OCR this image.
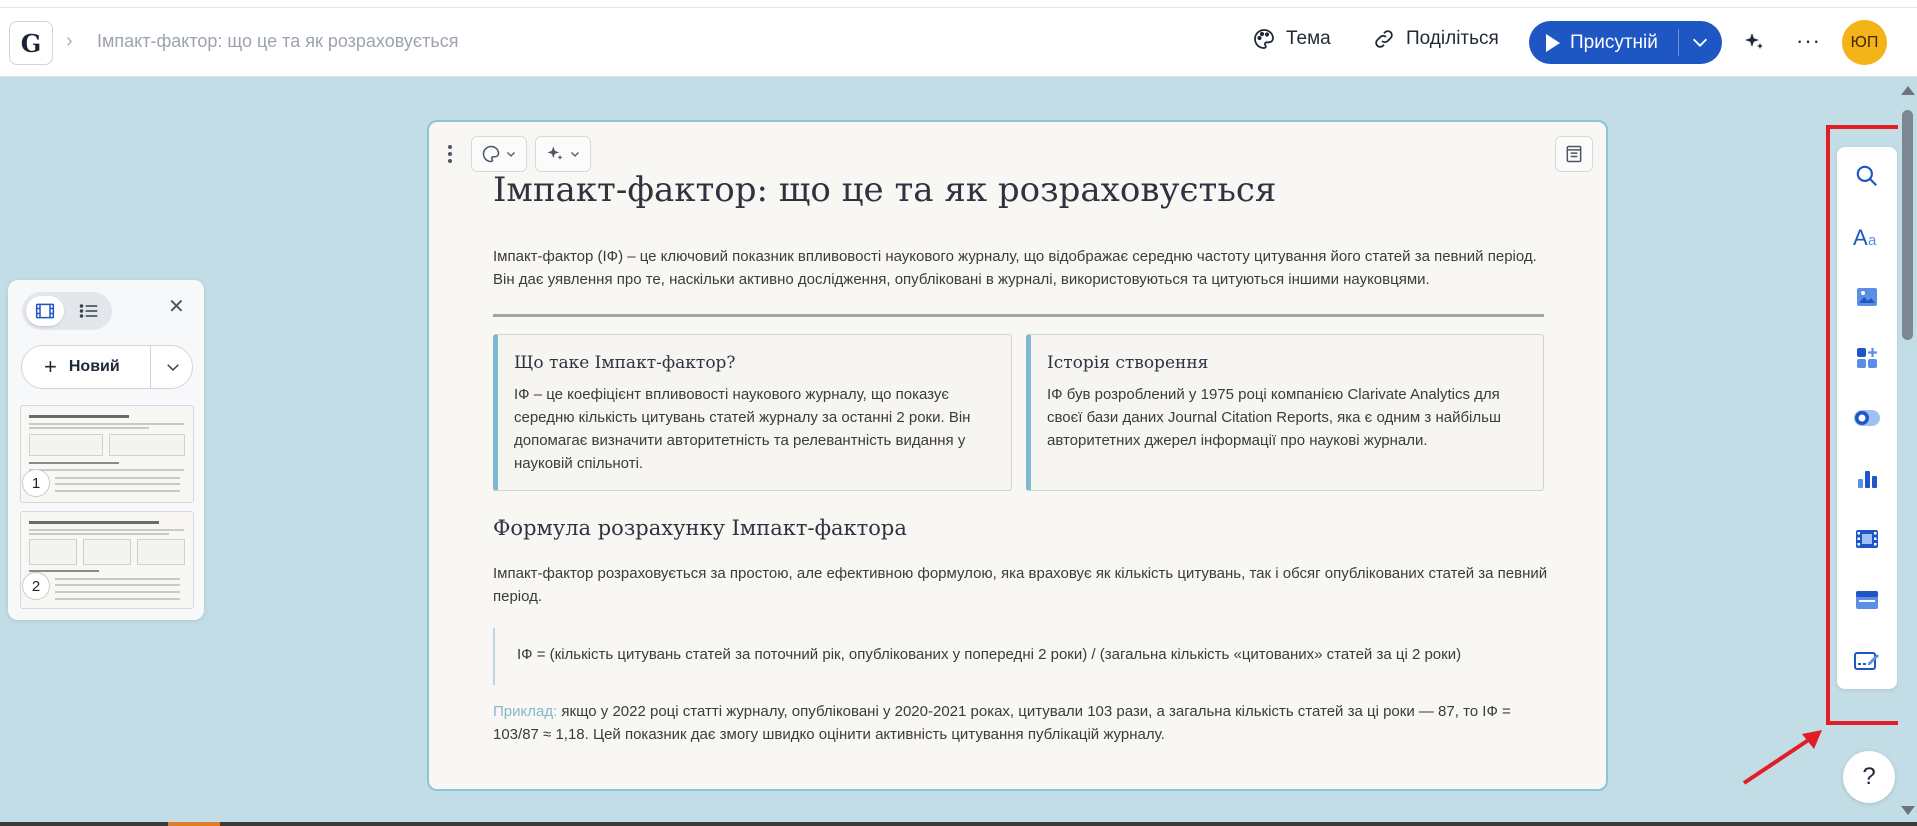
G	› Імпакт-фактор: що це та як розраховується	Тема	Поділіться	Присутній	···	ЮП
✕
+ Новий
1
2
Імпакт-фактор: що це та як розраховується
Імпакт-фактор (ІФ) – це ключовий показник впливовості наукового журналу, що відображає середню частоту цитування його статей за певний період. Він дає уявлення про те, наскільки активно дослідження, опубліковані в журналі, використовуються та цитуються іншими науковцями.
Що таке Імпакт-фактор?

ІФ – це коефіцієнт впливовості наукового журналу, що показує середню кількість цитувань статей журналу за останні 2 роки. Він допомагає визначити авторитетність та релевантність видання у науковій спільноті.

Історія створення

ІФ був розроблений у 1975 році компанією Clarivate Analytics для своєї бази даних Journal Citation Reports, яка є одним з найбільш авторитетних джерел інформації про наукові журнали.

Формула розрахунку Імпакт-фактора
Імпакт-фактор розраховується за простою, але ефективною формулою, яка враховує як кількість цитувань, так і обсяг опублікованих статей за певний період.
ІФ = (кількість цитувань статей за поточний рік, опублікованих у попередні 2 роки) / (загальна кількість «цитованих» статей за ці 2 роки)
Приклад: якщо у 2022 році статті журналу, опубліковані у 2020-2021 роках, цитували 103 рази, а загальна кількість статей за ці роки — 87, то ІФ = 103/87 ≈ 1,18. Цей показник дає змогу швидко оцінити активність цитування публікацій журналу.
A a
?
